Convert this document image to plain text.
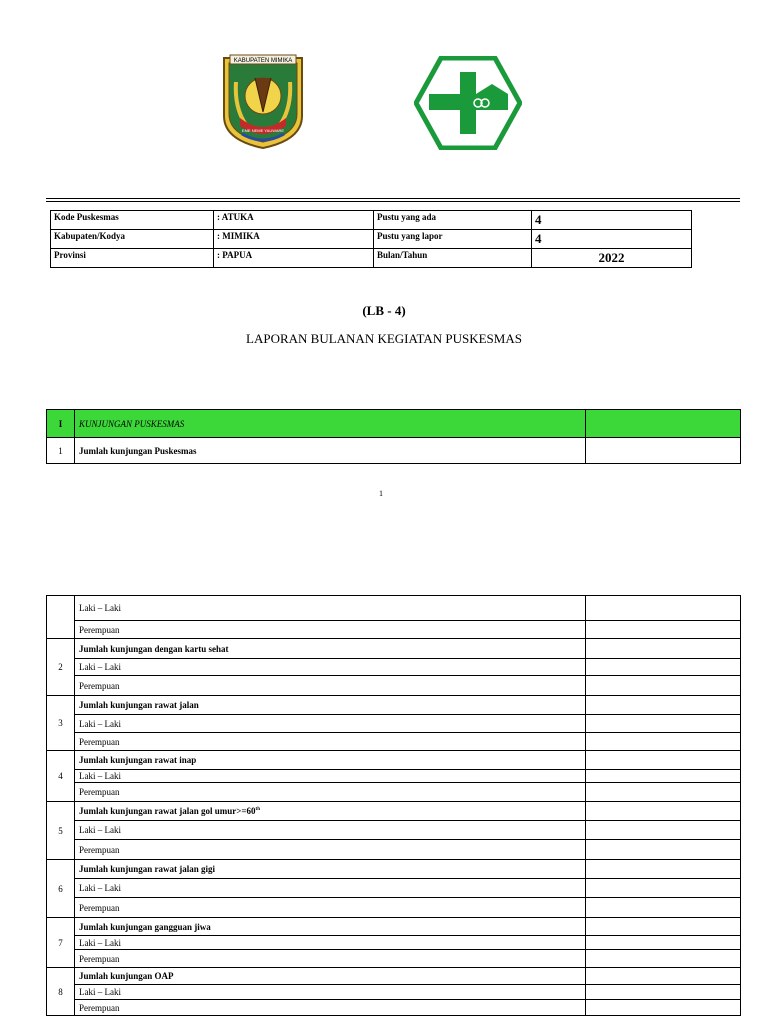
KABUPATEN MIMIKA
EME NEME YAUWARE
Kode Puskesmas	: ATUKA	Pustu yang ada	4
Kabupaten/Kodya	: MIMIKA	Pustu yang lapor	4
Provinsi	: PAPUA	Bulan/Tahun	2022
(LB - 4)
LAPORAN BULANAN KEGIATAN PUSKESMAS
I	KUNJUNGAN PUSKESMAS	
1	Jumlah kunjungan Puskesmas	
1
	Laki – Laki	
	Perempuan	
2	Jumlah kunjungan dengan kartu sehat	
	Laki – Laki	
	Perempuan	
3	Jumlah kunjungan rawat jalan	
	Laki – Laki	
	Perempuan	
4	Jumlah kunjungan rawat inap	
	Laki – Laki	
	Perempuan	
5	Jumlah kunjungan rawat jalan gol umur>=60th	
	Laki – Laki	
	Perempuan	
6	Jumlah kunjungan rawat jalan gigi	
	Laki – Laki	
	Perempuan	
7	Jumlah kunjungan gangguan jiwa	
	Laki – Laki	
	Perempuan	
8	Jumlah kunjungan OAP	
	Laki – Laki	
	Perempuan	
